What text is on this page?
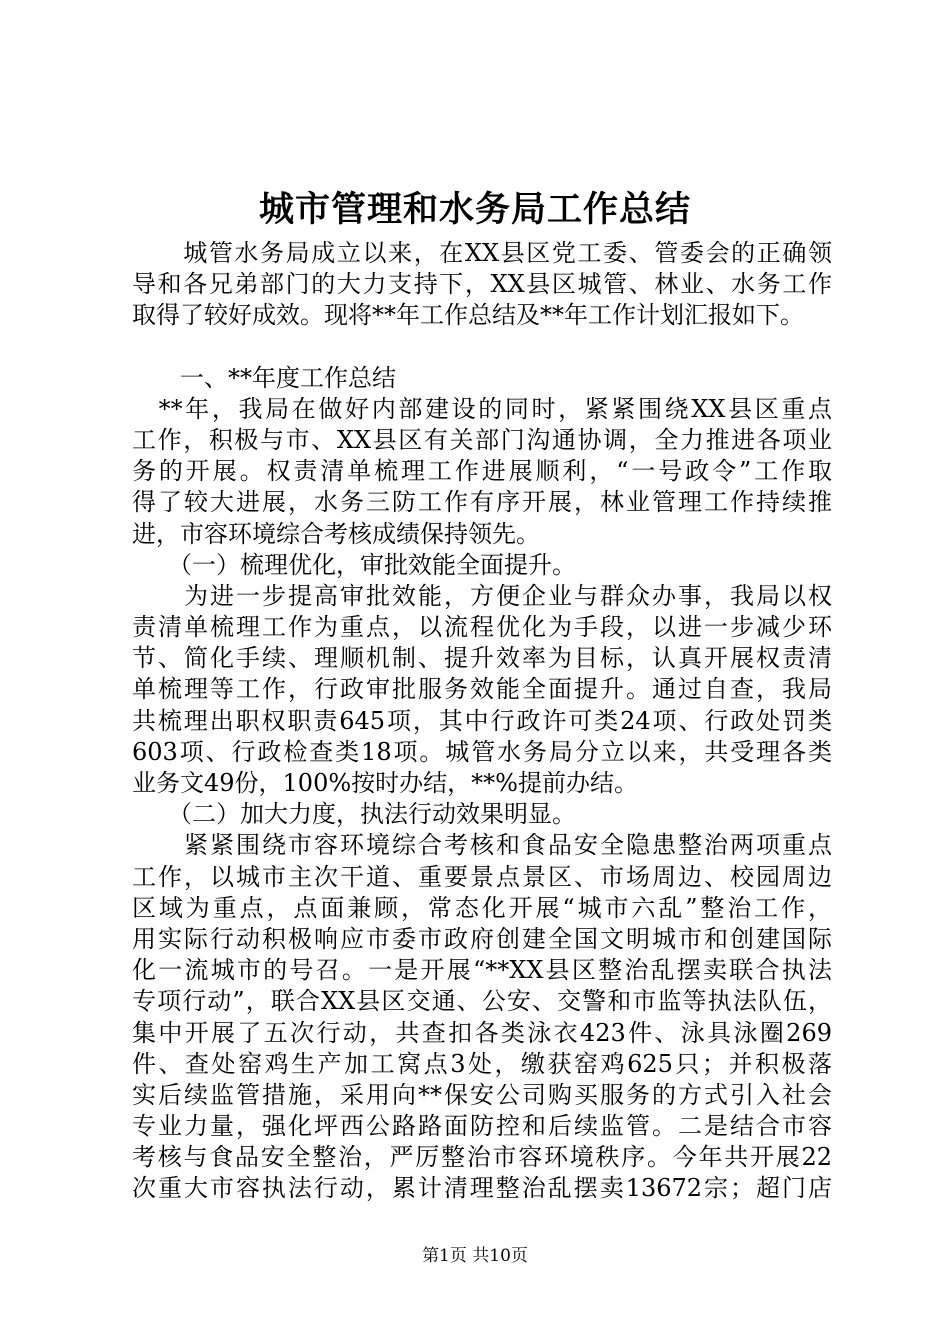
城市管理和水务局工作总结
　　城管水务局成立以来，在XX县区党工委、管委会的正确领
导和各兄弟部门的大力支持下，XX县区城管、林业、水务工作
取得了较好成效。现将**年工作总结及**年工作计划汇报如下。
　　一、**年度工作总结
　**年，我局在做好内部建设的同时，紧紧围绕XX县区重点
工作，积极与市、XX县区有关部门沟通协调，全力推进各项业
务的开展。权责清单梳理工作进展顺利，“一号政令”工作取
得了较大进展，水务三防工作有序开展，林业管理工作持续推
进，市容环境综合考核成绩保持领先。
　　（一）梳理优化，审批效能全面提升。
　　为进一步提高审批效能，方便企业与群众办事，我局以权
责清单梳理工作为重点，以流程优化为手段，以进一步减少环
节、简化手续、理顺机制、提升效率为目标，认真开展权责清
单梳理等工作，行政审批服务效能全面提升。通过自查，我局
共梳理出职权职责645项，其中行政许可类24项、行政处罚类
603项、行政检查类18项。城管水务局分立以来，共受理各类
业务文49份，100%按时办结，**%提前办结。
　　（二）加大力度，执法行动效果明显。
　　紧紧围绕市容环境综合考核和食品安全隐患整治两项重点
工作，以城市主次干道、重要景点景区、市场周边、校园周边
区域为重点，点面兼顾，常态化开展“城市六乱”整治工作，
用实际行动积极响应市委市政府创建全国文明城市和创建国际
化一流城市的号召。一是开展“**XX县区整治乱摆卖联合执法
专项行动”，联合XX县区交通、公安、交警和市监等执法队伍，
集中开展了五次行动，共查扣各类泳衣423件、泳具泳圈269
件、查处窑鸡生产加工窝点3处，缴获窑鸡625只；并积极落
实后续监管措施，采用向**保安公司购买服务的方式引入社会
专业力量，强化坪西公路路面防控和后续监管。二是结合市容
考核与食品安全整治，严厉整治市容环境秩序。今年共开展22
次重大市容执法行动，累计清理整治乱摆卖13672宗；超门店
第1页 共10页
